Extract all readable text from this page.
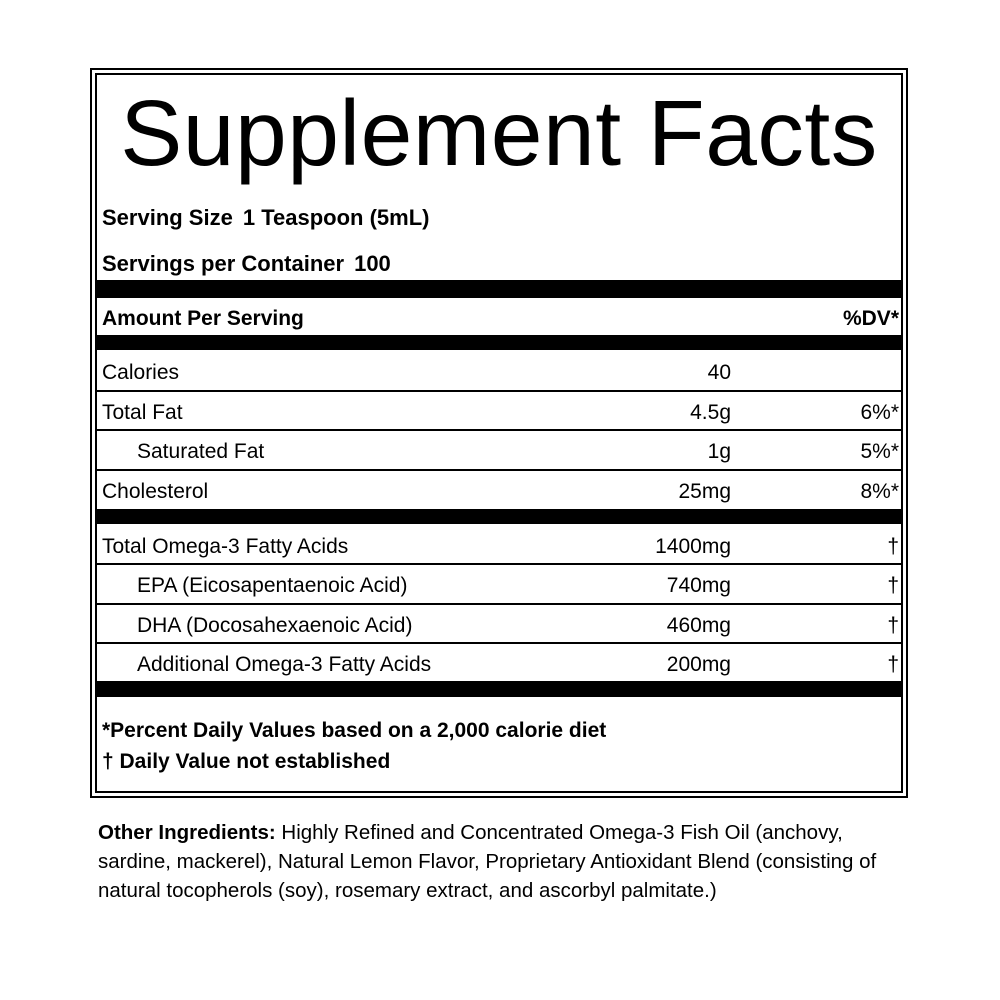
Supplement Facts
Serving Size 1 Teaspoon (5mL)
Servings per Container 100
Amount Per Serving	%DV*
Calories	40
Total Fat	4.5g	6%*
Saturated Fat	1g	5%*
Cholesterol	25mg	8%*
Total Omega-3 Fatty Acids	1400mg	†
EPA (Eicosapentaenoic Acid)	740mg	†
DHA (Docosahexaenoic Acid)	460mg	†
Additional Omega-3 Fatty Acids	200mg	†
*Percent Daily Values based on a 2,000 calorie diet
† Daily Value not established
Other Ingredients: Highly Refined and Concentrated Omega-3 Fish Oil (anchovy, sardine, mackerel), Natural Lemon Flavor, Proprietary Antioxidant Blend (consisting of natural tocopherols (soy), rosemary extract, and ascorbyl palmitate.)
